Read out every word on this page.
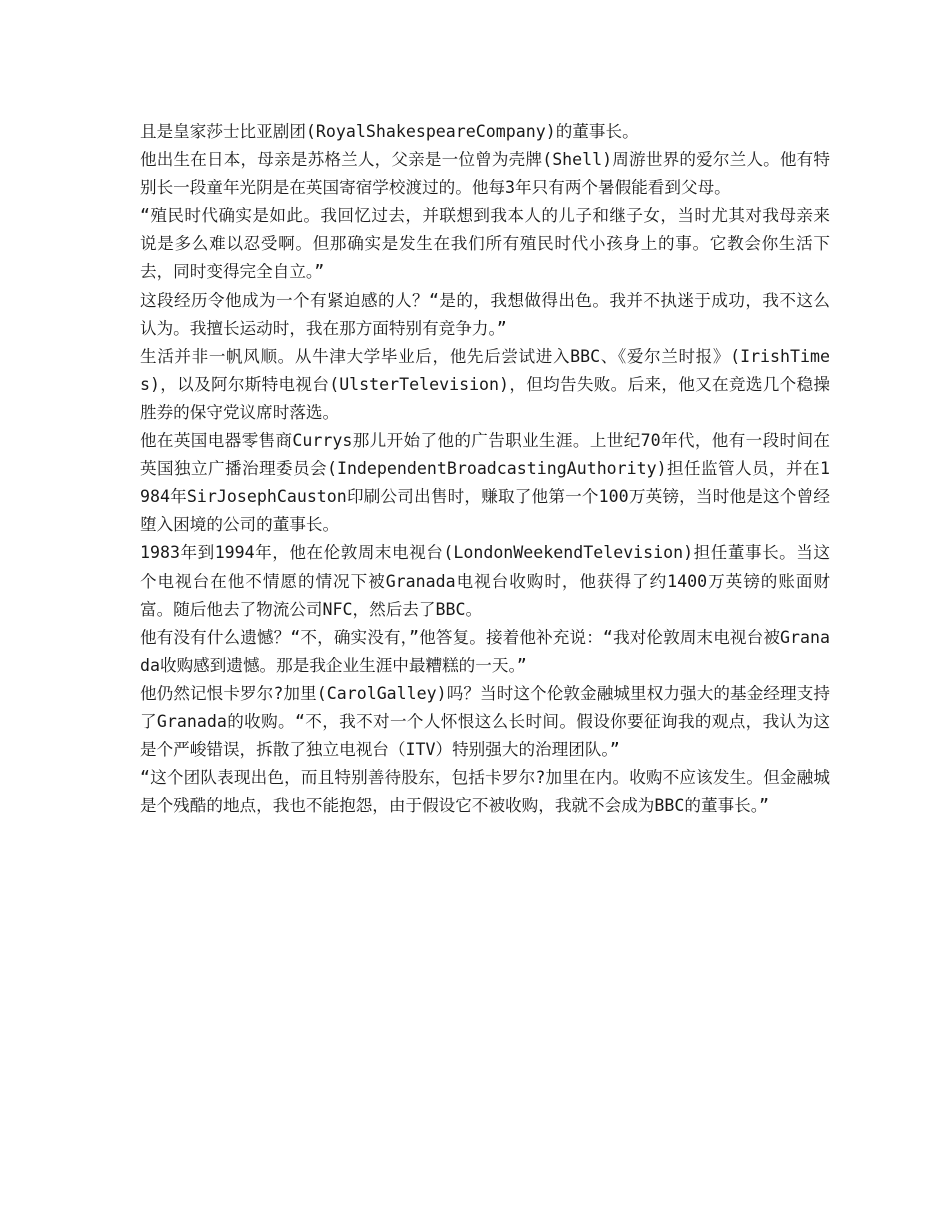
且是皇家莎士比亚剧团(RoyalShakespeareCompany)的董事长。

他出生在日本，母亲是苏格兰人，父亲是一位曾为壳牌(Shell)周游世界的爱尔兰人。他有特别长一段童年光阴是在英国寄宿学校渡过的。他每3年只有两个暑假能看到父母。

“殖民时代确实是如此。我回忆过去，并联想到我本人的儿子和继子女，当时尤其对我母亲来说是多么难以忍受啊。但那确实是发生在我们所有殖民时代小孩身上的事。它教会你生活下去，同时变得完全自立。”

这段经历令他成为一个有紧迫感的人？“是的，我想做得出色。我并不执迷于成功，我不这么认为。我擅长运动时，我在那方面特别有竞争力。”

生活并非一帆风顺。从牛津大学毕业后，他先后尝试进入BBC、《爱尔兰时报》(IrishTimes)，以及阿尔斯特电视台(UlsterTelevision)，但均告失败。后来，他又在竞选几个稳操胜券的保守党议席时落选。

他在英国电器零售商Currys那儿开始了他的广告职业生涯。上世纪70年代，他有一段时间在英国独立广播治理委员会(IndependentBroadcastingAuthority)担任监管人员，并在1984年SirJosephCauston印刷公司出售时，赚取了他第一个100万英镑，当时他是这个曾经堕入困境的公司的董事长。

1983年到1994年，他在伦敦周末电视台(LondonWeekendTelevision)担任董事长。当这个电视台在他不情愿的情况下被Granada电视台收购时，他获得了约1400万英镑的账面财富。随后他去了物流公司NFC，然后去了BBC。

他有没有什么遗憾？“不，确实没有，”他答复。接着他补充说：“我对伦敦周末电视台被Granada收购感到遗憾。那是我企业生涯中最糟糕的一天。”

他仍然记恨卡罗尔?加里(CarolGalley)吗？当时这个伦敦金融城里权力强大的基金经理支持了Granada的收购。“不，我不对一个人怀恨这么长时间。假设你要征询我的观点，我认为这是个严峻错误，拆散了独立电视台（ITV）特别强大的治理团队。”

“这个团队表现出色，而且特别善待股东，包括卡罗尔?加里在内。收购不应该发生。但金融城是个残酷的地点，我也不能抱怨，由于假设它不被收购，我就不会成为BBC的董事长。”
